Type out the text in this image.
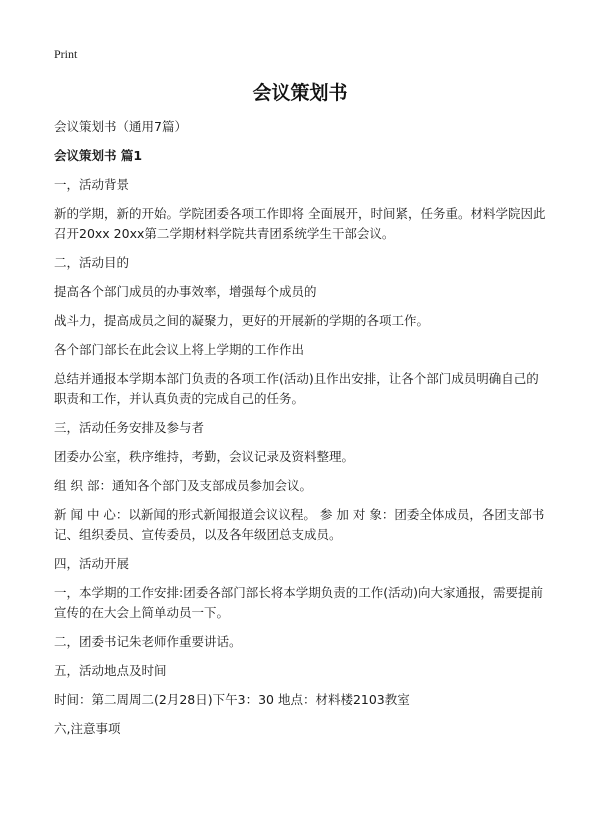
Print
会议策划书

会议策划书（通用7篇）

会议策划书 篇1

一，活动背景

新的学期，新的开始。学院团委各项工作即将 全面展开，时间紧，任务重。材料学院因此召开20xx 20xx第二学期材料学院共青团系统学生干部会议。

二，活动目的

提高各个部门成员的办事效率，增强每个成员的

战斗力，提高成员之间的凝聚力，更好的开展新的学期的各项工作。

各个部门部长在此会议上将上学期的工作作出

总结并通报本学期本部门负责的各项工作(活动)且作出安排，让各个部门成员明确自己的职责和工作，并认真负责的完成自己的任务。

三，活动任务安排及参与者

团委办公室，秩序维持，考勤，会议记录及资料整理。

组 织 部：通知各个部门及支部成员参加会议。

新 闻 中 心：以新闻的形式新闻报道会议议程。 参 加 对 象：团委全体成员，各团支部书记、组织委员、宣传委员，以及各年级团总支成员。

四，活动开展

一，本学期的工作安排:团委各部门部长将本学期负责的工作(活动)向大家通报，需要提前宣传的在大会上简单动员一下。

二，团委书记朱老师作重要讲话。

五，活动地点及时间

时间：第二周周二(2月28日)下午3：30 地点：材料楼2103教室

六,注意事项
